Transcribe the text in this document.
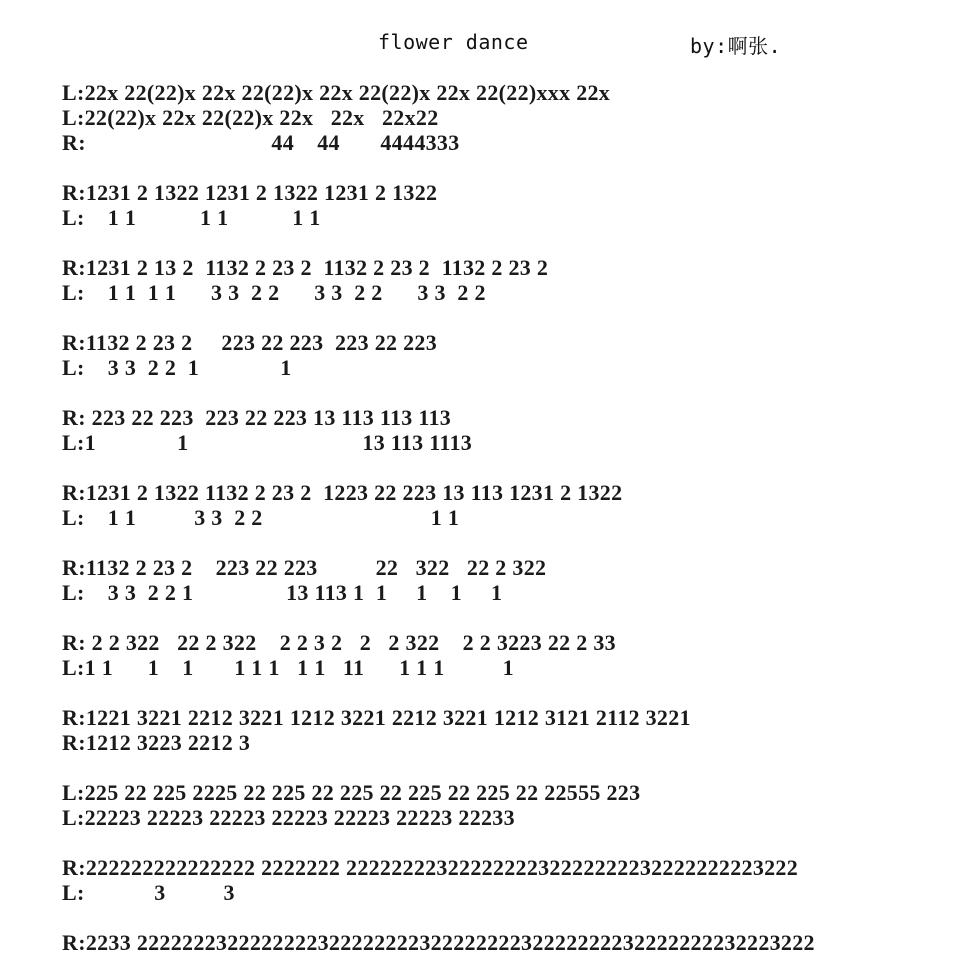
flower dance	by:啊张.
L:22x 22(22)x 22x 22(22)x 22x 22(22)x 22x 22(22)xxx 22x
L:22(22)x 22x 22(22)x 22x   22x   22x22
R:                                44    44       4444333
R:1231 2 1322 1231 2 1322 1231 2 1322
L:    1 1           1 1           1 1
R:1231 2 13 2  1132 2 23 2  1132 2 23 2  1132 2 23 2
L:    1 1  1 1      3 3  2 2      3 3  2 2      3 3  2 2
R:1132 2 23 2     223 22 223  223 22 223
L:    3 3  2 2  1              1
R: 223 22 223  223 22 223 13 113 113 113
L:1              1                              13 113 1113
R:1231 2 1322 1132 2 23 2  1223 22 223 13 113 1231 2 1322
L:    1 1          3 3  2 2                             1 1
R:1132 2 23 2    223 22 223          22   322   22 2 322
L:    3 3  2 2 1                13 113 1  1     1    1     1
R: 2 2 322   22 2 322    2 2 3 2   2   2 322    2 2 3223 22 2 33
L:1 1      1    1       1 1 1   1 1   11      1 1 1          1
R:1221 3221 2212 3221 1212 3221 2212 3221 1212 3121 2112 3221
R:1212 3223 2212 3
L:225 22 225 2225 22 225 22 225 22 225 22 225 22 22555 223
L:22223 22223 22223 22223 22223 22223 22233
R:222222222222222 2222222 2222222232222222232222222232222222223222
L:            3          3
R:2233 222222232222222232222222232222222232222222232222222232223222
